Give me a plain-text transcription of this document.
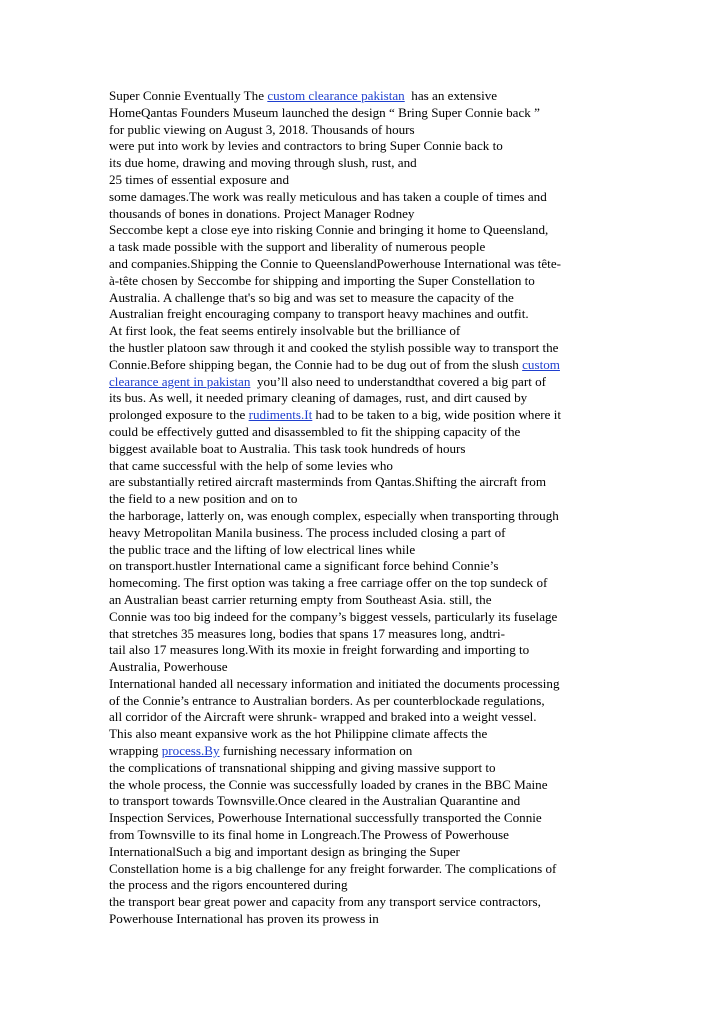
Super Connie Eventually The custom clearance pakistan  has an extensive
HomeQantas Founders Museum launched the design “ Bring Super Connie back ”
for public viewing on August 3, 2018. Thousands of hours
were put into work by levies and contractors to bring Super Connie back to
its due home, drawing and moving through slush, rust, and
25 times of essential exposure and
some damages.The work was really meticulous and has taken a couple of times and
thousands of bones in donations. Project Manager Rodney
Seccombe kept a close eye into risking Connie and bringing it home to Queensland,
a task made possible with the support and liberality of numerous people
and companies.Shipping the Connie to QueenslandPowerhouse International was tête-
à-tête chosen by Seccombe for shipping and importing the Super Constellation to
Australia. A challenge that's so big and was set to measure the capacity of the
Australian freight encouraging company to transport heavy machines and outfit.
At first look, the feat seems entirely insolvable but the brilliance of
the hustler platoon saw through it and cooked the stylish possible way to transport the
Connie.Before shipping began, the Connie had to be dug out of from the slush custom
clearance agent in pakistan  you’ll also need to understandthat covered a big part of
its bus. As well, it needed primary cleaning of damages, rust, and dirt caused by
prolonged exposure to the rudiments.It had to be taken to a big, wide position where it
could be effectively gutted and disassembled to fit the shipping capacity of the
biggest available boat to Australia. This task took hundreds of hours
that came successful with the help of some levies who
are substantially retired aircraft masterminds from Qantas.Shifting the aircraft from
the field to a new position and on to
the harborage, latterly on, was enough complex, especially when transporting through
heavy Metropolitan Manila business. The process included closing a part of
the public trace and the lifting of low electrical lines while
on transport.hustler International came a significant force behind Connie’s
homecoming. The first option was taking a free carriage offer on the top sundeck of
an Australian beast carrier returning empty from Southeast Asia. still, the
Connie was too big indeed for the company’s biggest vessels, particularly its fuselage
that stretches 35 measures long, bodies that spans 17 measures long, andtri-
tail also 17 measures long.With its moxie in freight forwarding and importing to
Australia, Powerhouse
International handed all necessary information and initiated the documents processing
of the Connie’s entrance to Australian borders. As per counterblockade regulations,
all corridor of the Aircraft were shrunk- wrapped and braked into a weight vessel.
This also meant expansive work as the hot Philippine climate affects the
wrapping process.By furnishing necessary information on
the complications of transnational shipping and giving massive support to
the whole process, the Connie was successfully loaded by cranes in the BBC Maine
to transport towards Townsville.Once cleared in the Australian Quarantine and
Inspection Services, Powerhouse International successfully transported the Connie
from Townsville to its final home in Longreach.The Prowess of Powerhouse
InternationalSuch a big and important design as bringing the Super
Constellation home is a big challenge for any freight forwarder. The complications of
the process and the rigors encountered during
the transport bear great power and capacity from any transport service contractors,
Powerhouse International has proven its prowess in
